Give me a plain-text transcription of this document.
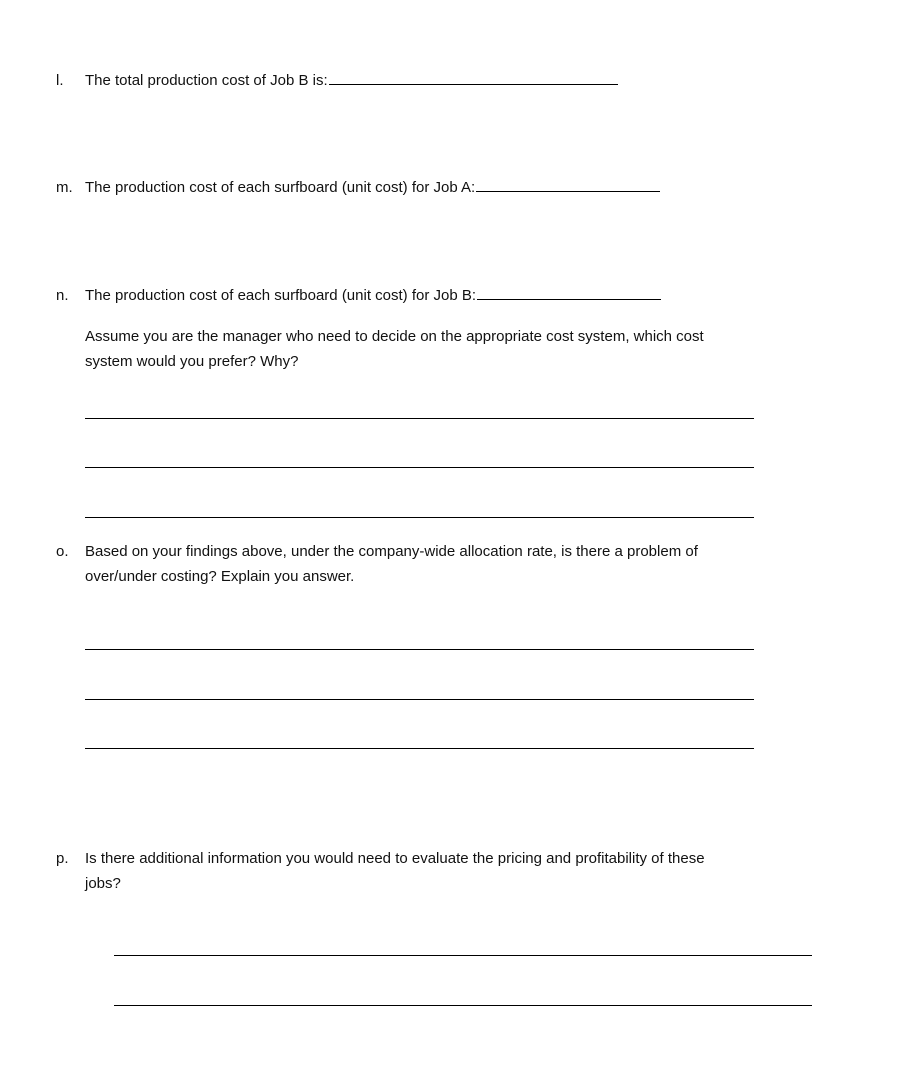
l. The total production cost of Job B is:
m. The production cost of each surfboard (unit cost) for Job A:
n. The production cost of each surfboard (unit cost) for Job B:
Assume you are the manager who need to decide on the appropriate cost system, which cost
system would you prefer? Why?
o. Based on your findings above, under the company-wide allocation rate, is there a problem of
over/under costing? Explain you answer.
p. Is there additional information you would need to evaluate the pricing and profitability of these
jobs?
